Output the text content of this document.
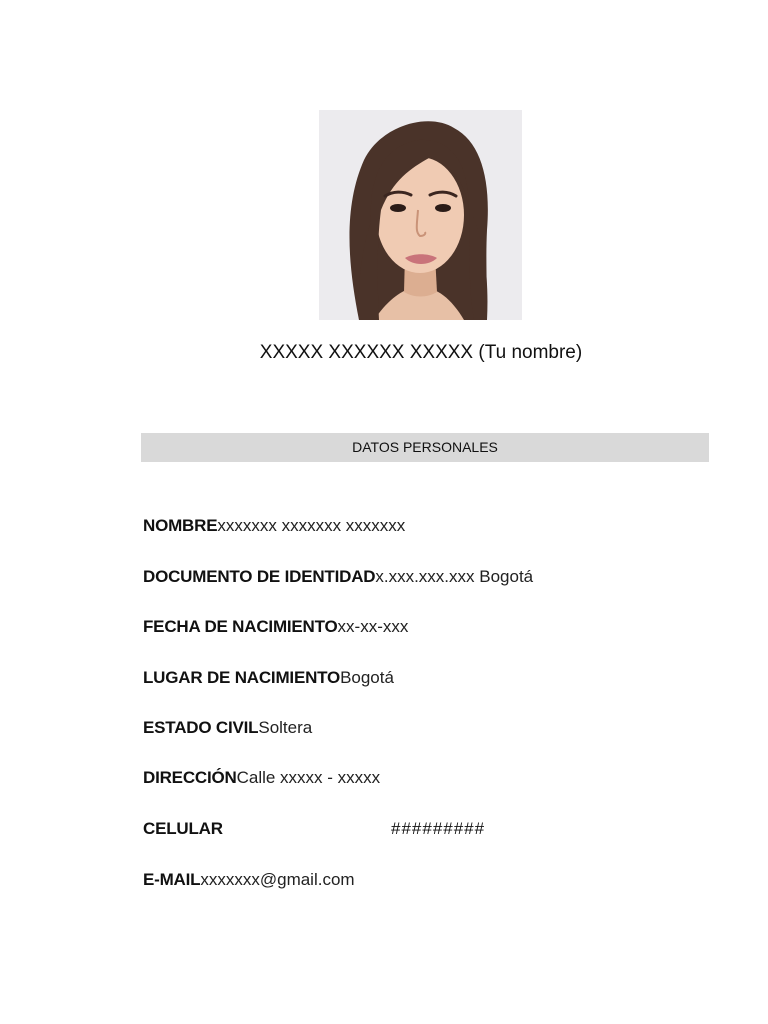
XXXXX XXXXXX XXXXX (Tu nombre)
DATOS PERSONALES
NOMBRExxxxxxx xxxxxxx xxxxxxx
DOCUMENTO DE IDENTIDADx.xxx.xxx.xxx Bogotá
FECHA DE NACIMIENTOxx-xx-xxx
LUGAR DE NACIMIENTOBogotá
ESTADO CIVILSoltera
DIRECCIÓNCalle xxxxx - xxxxx
CELULAR	#########
E-MAILxxxxxxx@gmail.com
